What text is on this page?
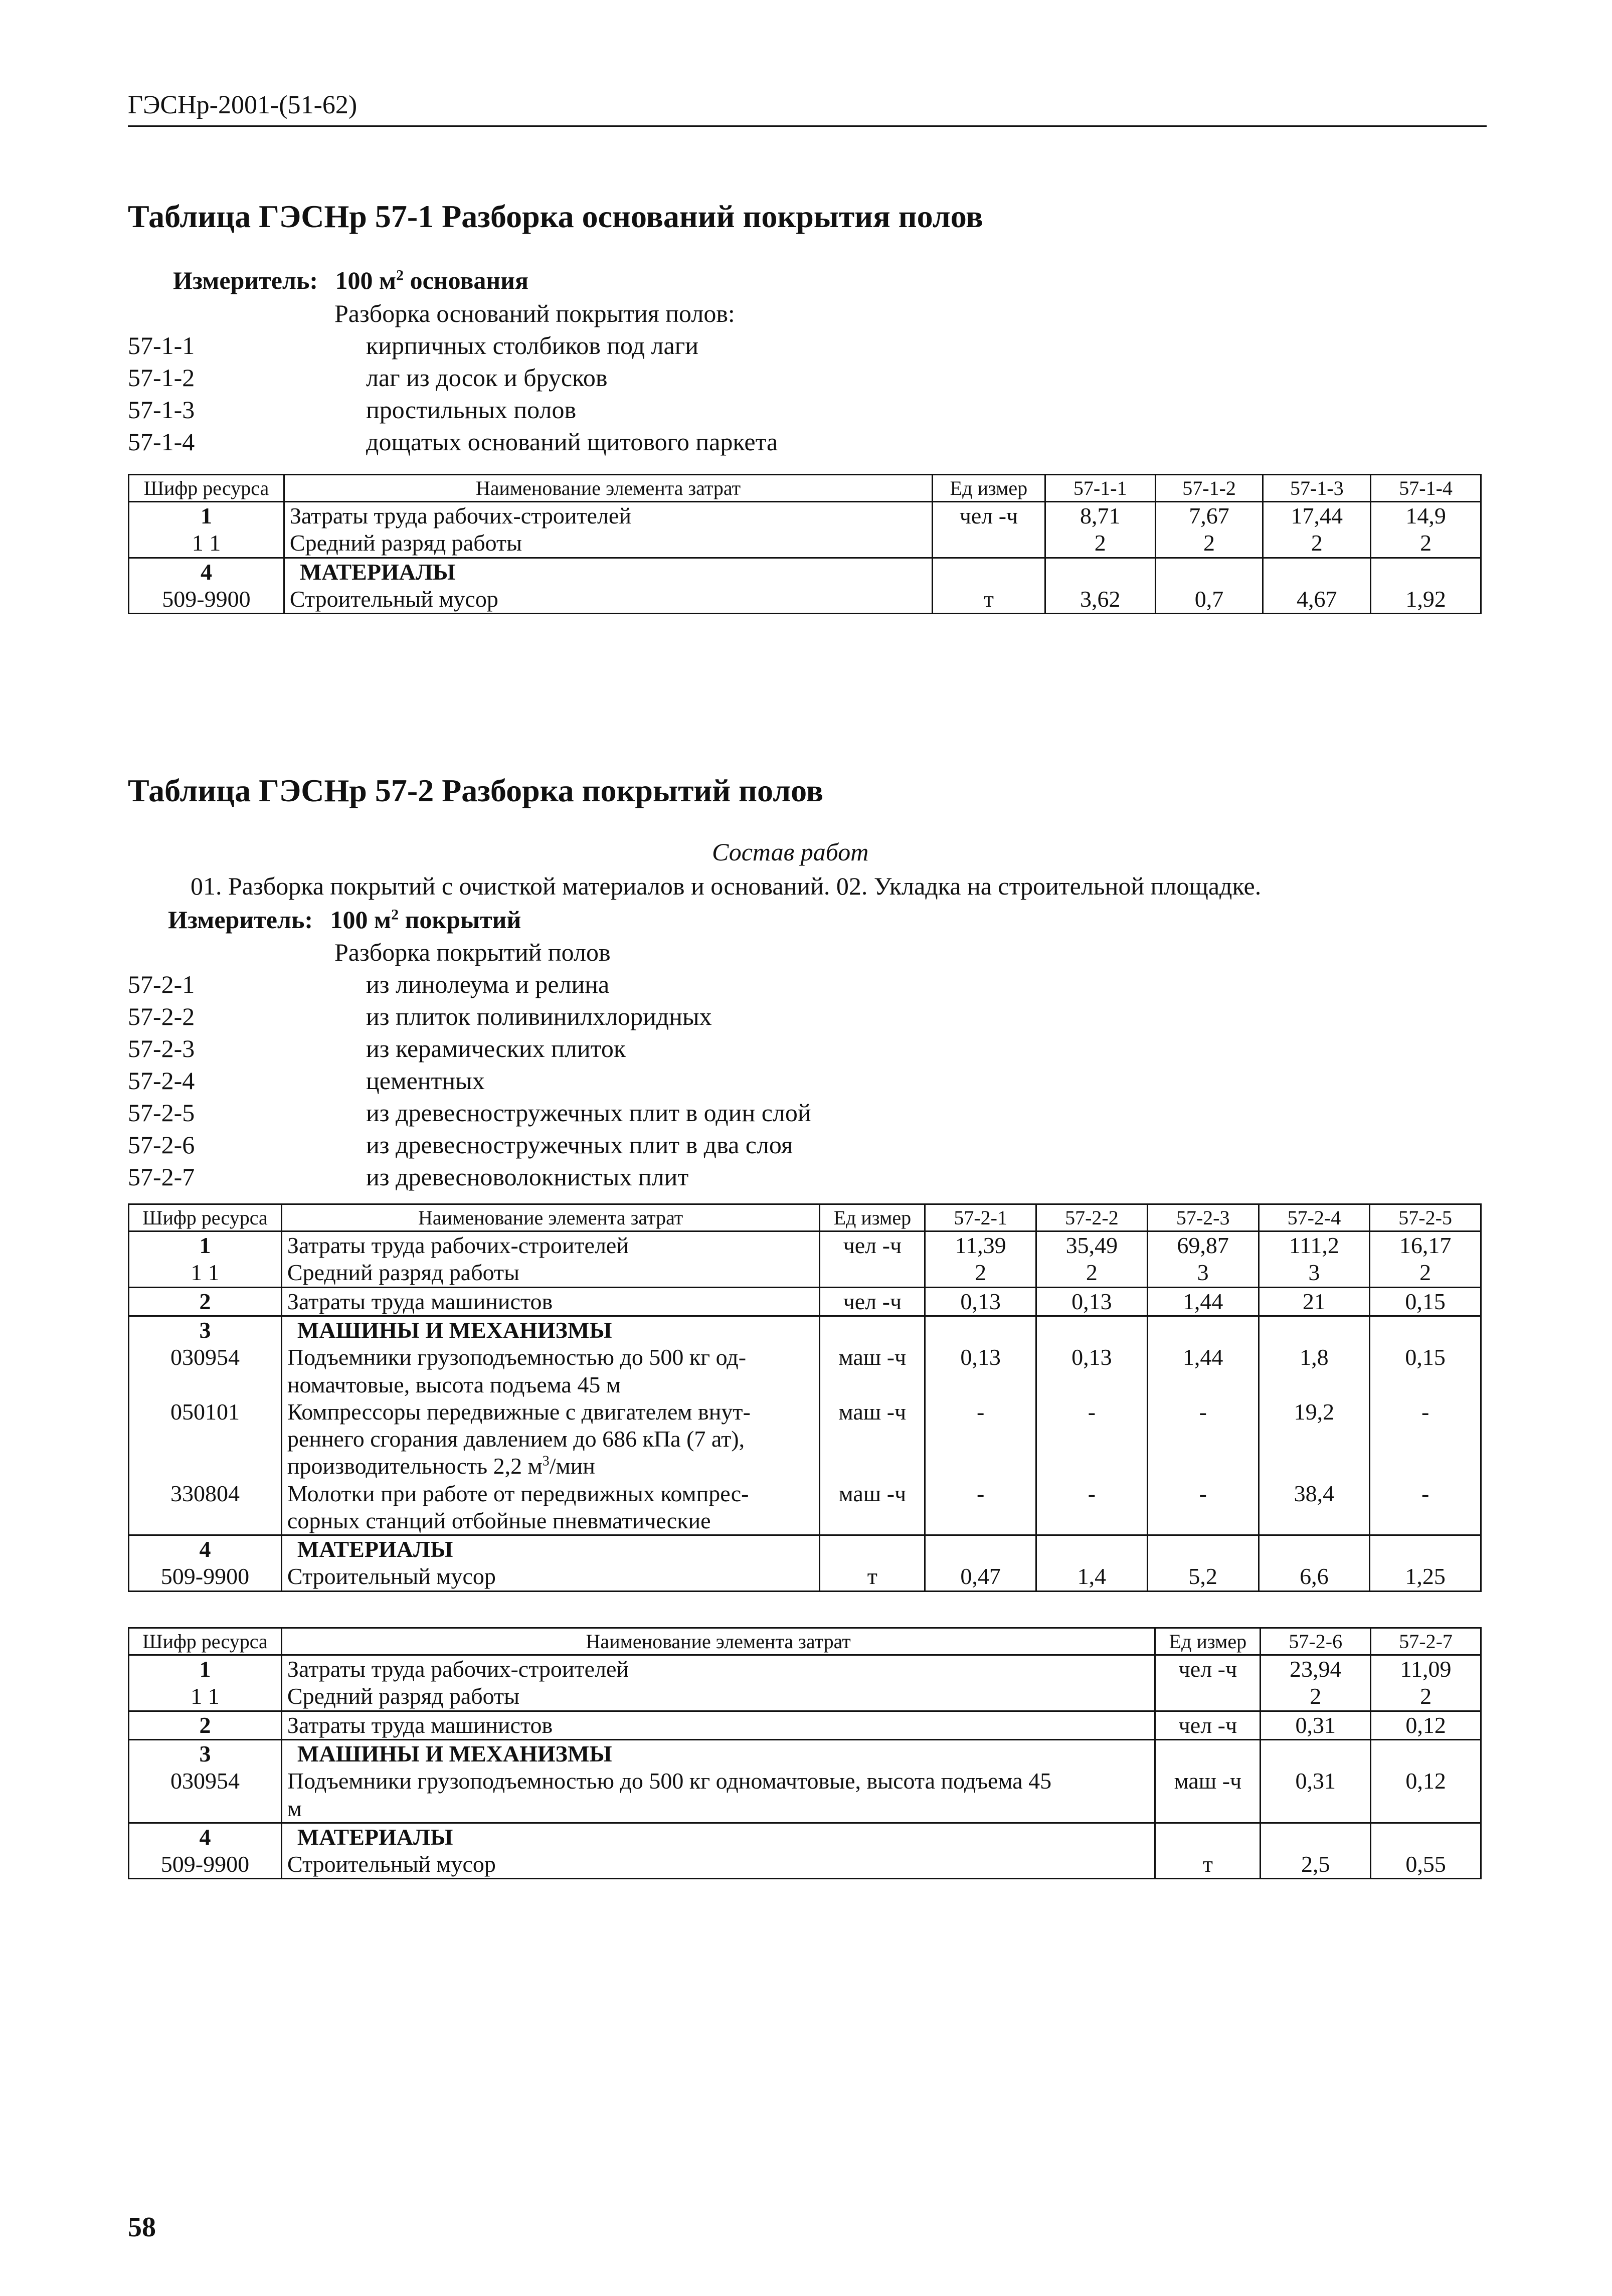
ГЭСНр-2001-(51-62)
Таблица ГЭСНр 57-1 Разборка оснований покрытия полов
Измеритель: 100 $м^2$ основания
Разборка оснований покрытия полов:
57-1-1	кирпичных столбиков под лаги
57-1-2	лаг из досок и брусков
57-1-3	простильных полов
57-1-4	дощатых оснований щитового паркета
Шифр ресурса	Наименование элемента затрат	Ед измер	57-1-1	57-1-2	57-1-3	57-1-4
1	Затраты труда рабочих-строителей	чел -ч	8,71	7,67	17,44	14,9
1 1	Средний разряд работы		2	2	2	2
4	МАТЕРИАЛЫ					
509-9900	Строительный мусор	т	3,62	0,7	4,67	1,92
Таблица ГЭСНр 57-2 Разборка покрытий полов
Состав работ
01. Разборка покрытий с очисткой материалов и оснований. 02. Укладка на строительной площадке.
Измеритель: 100 $м^2$ покрытий
Разборка покрытий полов
57-2-1	из линолеума и релина
57-2-2	из плиток поливинилхлоридных
57-2-3	из керамических плиток
57-2-4	цементных
57-2-5	из древесностружечных плит в один слой
57-2-6	из древесностружечных плит в два слоя
57-2-7	из древесноволокнистых плит
Шифр ресурса	Наименование элемента затрат	Ед измер	57-2-1	57-2-2	57-2-3	57-2-4	57-2-5
1	Затраты труда рабочих-строителей	чел -ч	11,39	35,49	69,87	111,2	16,17
1 1	Средний разряд работы		2	2	3	3	2
2	Затраты труда машинистов	чел -ч	0,13	0,13	1,44	21	0,15
3	МАШИНЫ И МЕХАНИЗМЫ						
030954	Подъемники грузоподъемностью до 500 кг од-
номачтовые, высота подъема 45 м	маш -ч	0,13	0,13	1,44	1,8	0,15
050101	Компрессоры передвижные с двигателем внут-
реннего сгорания давлением до 686 кПа (7 ат),
производительность 2,2 $м^3$/мин	маш -ч	-	-	-	19,2	-
330804	Молотки при работе от передвижных компрес-
сорных станций отбойные пневматические	маш -ч	-	-	-	38,4	-
4	МАТЕРИАЛЫ						
509-9900	Строительный мусор	т	0,47	1,4	5,2	6,6	1,25
Шифр ресурса	Наименование элемента затрат	Ед измер	57-2-6	57-2-7
1	Затраты труда рабочих-строителей	чел -ч	23,94	11,09
1 1	Средний разряд работы		2	2
2	Затраты труда машинистов	чел -ч	0,31	0,12
3	МАШИНЫ И МЕХАНИЗМЫ			
030954	Подъемники грузоподъемностью до 500 кг одномачтовые, высота подъема 45
м	маш -ч	0,31	0,12
4	МАТЕРИАЛЫ			
509-9900	Строительный мусор	т	2,5	0,55
58
